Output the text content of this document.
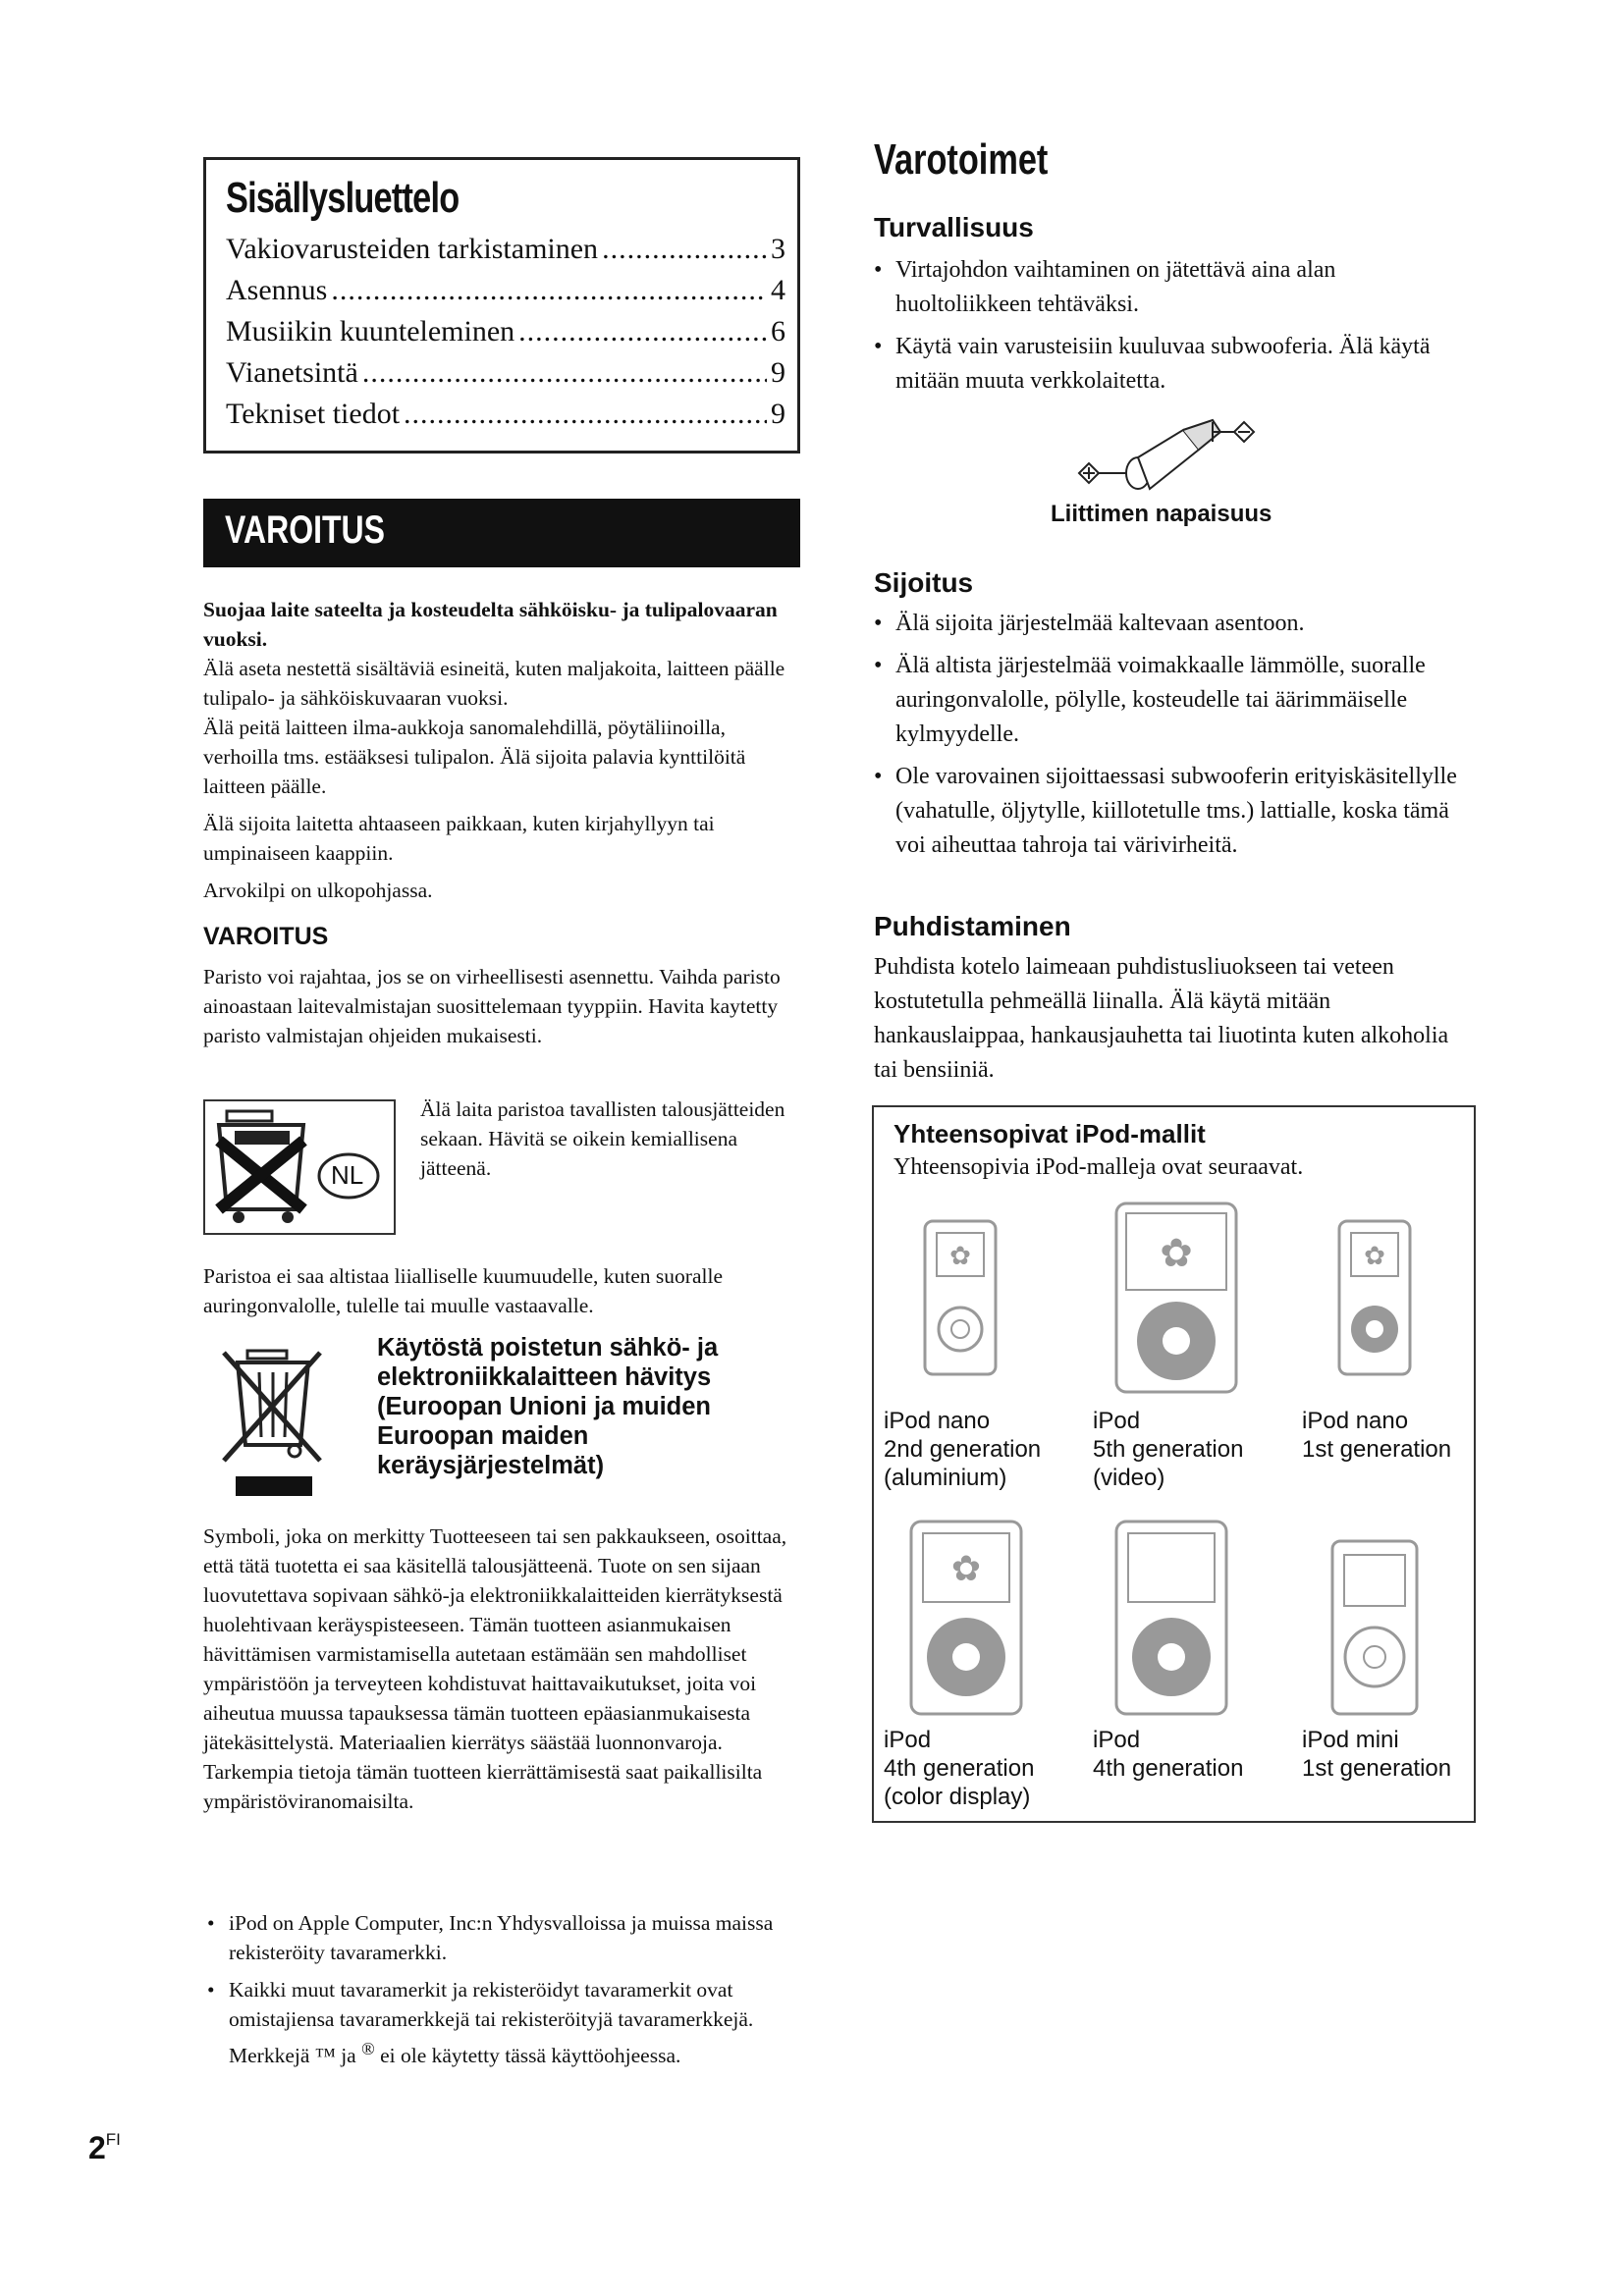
Sisällysluettelo
Vakiovarusteiden tarkistaminen .....	3
Asennus .....	4
Musiikin kuunteleminen .....	6
Vianetsintä .....	9
Tekniset tiedot .....	9
VAROITUS

Suojaa laite sateelta ja kosteudelta sähköisku- ja tulipalovaaran vuoksi.

Älä aseta nestettä sisältäviä esineitä, kuten maljakoita, laitteen päälle tulipalo- ja sähköiskuvaaran vuoksi.

Älä peitä laitteen ilma-aukkoja sanomalehdillä, pöytäliinoilla, verhoilla tms. estääksesi tulipalon. Älä sijoita palavia kynttilöitä laitteen päälle.

Älä sijoita laitetta ahtaaseen paikkaan, kuten kirjahyllyyn tai umpinaiseen kaappiin.

Arvokilpi on ulkopohjassa.

VAROITUS
Paristo voi rajahtaa, jos se on virheellisesti asennettu. Vaihda paristo ainoastaan laitevalmistajan suosittelemaan tyyppiin. Havita kaytetty paristo valmistajan ohjeiden mukaisesti.
NL
Älä laita paristoa tavallisten talousjätteiden sekaan. Hävitä se oikein kemiallisena jätteenä.
Paristoa ei saa altistaa liialliselle kuumuudelle, kuten suoralle auringonvalolle, tulelle tai muulle vastaavalle.
Käytöstä poistetun sähkö- ja elektroniikkalaitteen hävitys (Euroopan Unioni ja muiden Euroopan maiden keräysjärjestelmät)
Symboli, joka on merkitty Tuotteeseen tai sen pakkaukseen, osoittaa, että tätä tuotetta ei saa käsitellä talousjätteenä. Tuote on sen sijaan luovutettava sopivaan sähkö-ja elektroniikkalaitteiden kierrätyksestä huolehtivaan keräyspisteeseen. Tämän tuotteen asianmukaisen hävittämisen varmistamisella autetaan estämään sen mahdolliset ympäristöön ja terveyteen kohdistuvat haittavaikutukset, joita voi aiheutua muussa tapauksessa tämän tuotteen epäasianmukaisesta jätekäsittelystä. Materiaalien kierrätys säästää luonnonvaroja. Tarkempia tietoja tämän tuotteen kierrättämisestä saat paikallisilta ympäristöviranomaisilta.
• iPod on Apple Computer, Inc:n Yhdysvalloissa ja muissa maissa rekisteröity tavaramerkki.
• Kaikki muut tavaramerkit ja rekisteröidyt tavaramerkit ovat omistajiensa tavaramerkkejä tai rekisteröityjä tavaramerkkejä. Merkkejä ™ ja ® ei ole käytetty tässä käyttöohjeessa.
2FI
Varotoimet
Turvallisuus
• Virtajohdon vaihtaminen on jätettävä aina alan huoltoliikkeen tehtäväksi.
• Käytä vain varusteisiin kuuluvaa subwooferia. Älä käytä mitään muuta verkkolaitetta.
Liittimen napaisuus
Sijoitus
• Älä sijoita järjestelmää kaltevaan asentoon.
• Älä altista järjestelmää voimakkaalle lämmölle, suoralle auringonvalolle, pölylle, kosteudelle tai äärimmäiselle kylmyydelle.
• Ole varovainen sijoittaessasi subwooferin erityiskäsitellylle (vahatulle, öljytylle, kiillotetulle tms.) lattialle, koska tämä voi aiheuttaa tahroja tai värivirheitä.
Puhdistaminen
Puhdista kotelo laimeaan puhdistusliuokseen tai veteen kostutetulla pehmeällä liinalla. Älä käytä mitään hankauslaippaa, hankausjauhetta tai liuotinta kuten alkoholia tai bensiiniä.
Yhteensopivat iPod-mallit
Yhteensopivia iPod-malleja ovat seuraavat.
✿	✿	✿
iPod nano
2nd generation
(aluminium)
iPod
5th generation
(video)
iPod nano
1st generation
✿
iPod
4th generation
(color display)
iPod
4th generation
iPod mini
1st generation
